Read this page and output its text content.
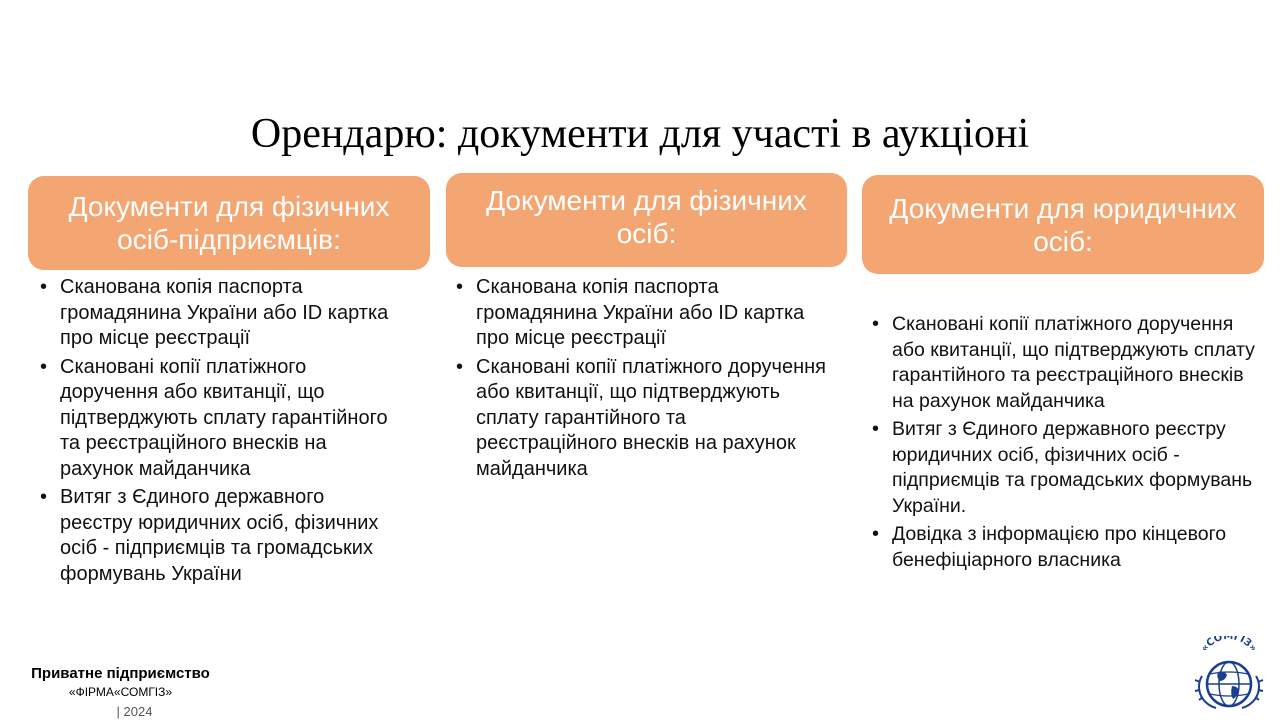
Орендарю: документи для участі в аукціоні
Документи для фізичних
осіб-підприємців:
Документи для фізичних
осіб:
Документи для юридичних
осіб:
• Сканована копія паспорта громадянина України або ID картка про місце реєстрації
• Скановані копії платіжного доручення або квитанції, що підтверджують сплату гарантійного та реєстраційного внесків на рахунок майданчика
• Витяг з Єдиного державного реєстру юридичних осіб, фізичних осіб - підприємців та громадських формувань України
• Сканована копія паспорта громадянина України або ID картка про місце реєстрації
• Скановані копії платіжного доручення або квитанції, що підтверджують сплату гарантійного та реєстраційного внесків на рахунок майданчика
• Скановані копії платіжного доручення або квитанції, що підтверджують сплату гарантійного та реєстраційного внесків на рахунок майданчика
• Витяг з Єдиного державного реєстру юридичних осіб, фізичних осіб - підприємців та громадських формувань України.
• Довідка з інформацією про кінцевого бенефіціарного власника
Приватне підприємство
«ФІРМА«СОМГІЗ»
| 2024
«СОМГІЗ»
